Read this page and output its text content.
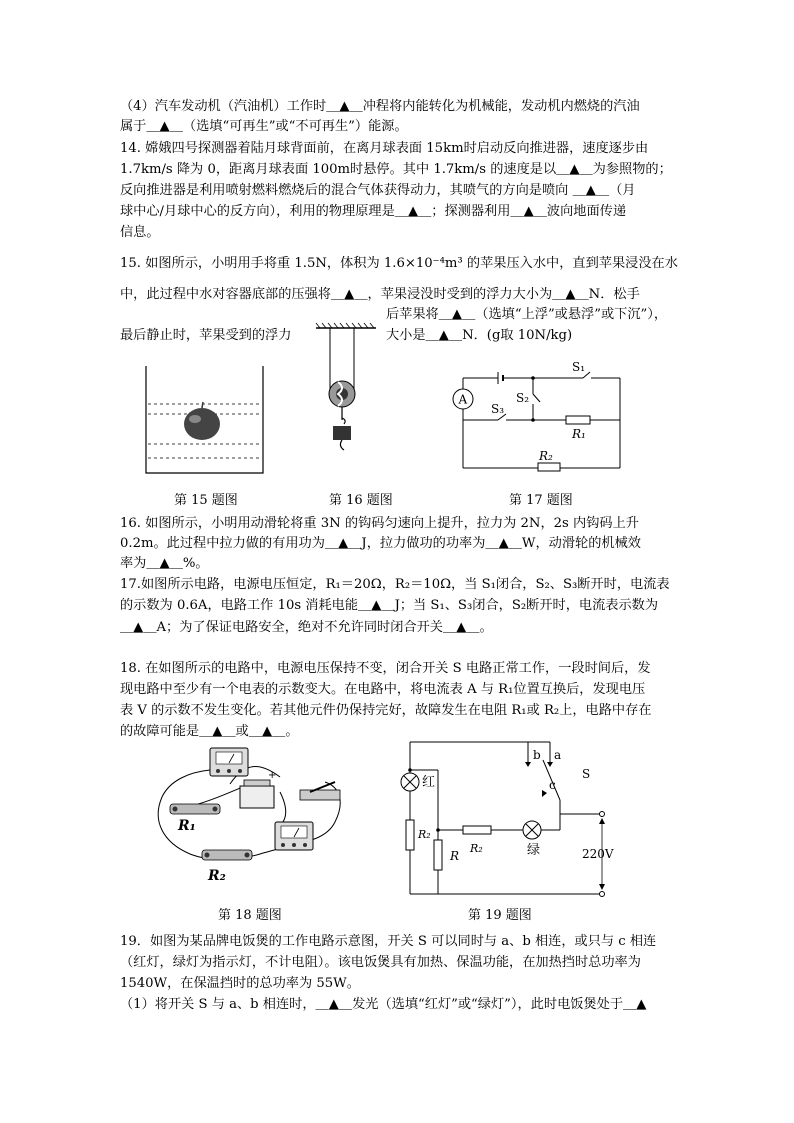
（4）汽车发动机（汽油机）工作时＿▲＿冲程将内能转化为机械能，发动机内燃烧的汽油
属于＿▲＿（选填“可再生”或“不可再生”）能源。
14. 嫦娥四号探测器着陆月球背面前，在离月球表面 15km时启动反向推进器，速度逐步由
1.7km/s 降为 0，距离月球表面 100m时悬停。其中 1.7km/s 的速度是以＿▲＿为参照物的；
反向推进器是利用喷射燃料燃烧后的混合气体获得动力，其喷气的方向是喷向 ＿▲＿（月
球中心/月球中心的反方向），利用的物理原理是＿▲＿；探测器利用＿▲＿波向地面传递
信息。
15. 如图所示，小明用手将重 1.5N，体积为 1.6×10⁻⁴m³ 的苹果压入水中，直到苹果浸没在水
中，此过程中水对容器底部的压强将＿▲＿，苹果浸没时受到的浮力大小为＿▲＿N．松手
后苹果将＿▲＿（选填“上浮”或悬浮”或下沉”），
最后静止时，苹果受到的浮力	大小是＿▲＿N．(g取 10N/kg)
16. 如图所示，小明用动滑轮将重 3N 的钩码匀速向上提升，拉力为 2N，2s 内钩码上升
0.2m。此过程中拉力做的有用功为＿▲＿J，拉力做功的功率为＿▲＿W，动滑轮的机械效
率为＿▲＿%。
17.如图所示电路，电源电压恒定，R₁＝20Ω，R₂＝10Ω，当 S₁闭合，S₂、S₃断开时，电流表
的示数为 0.6A，电路工作 10s 消耗电能＿▲＿J；当 S₁、S₃闭合，S₂断开时，电流表示数为
＿▲＿A；为了保证电路安全，绝对不允许同时闭合开关＿▲＿。
18. 在如图所示的电路中，电源电压保持不变，闭合开关 S 电路正常工作，一段时间后，发
现电路中至少有一个电表的示数变大。在电路中，将电流表 A 与 R₁位置互换后，发现电压
表 V 的示数不发生变化。若其他元件仍保持完好，故障发生在电阻 R₁或 R₂上，电路中存在
的故障可能是＿▲＿或＿▲＿。
19．如图为某品牌电饭煲的工作电路示意图，开关 S 可以同时与 a、b 相连，或只与 c 相连
（红灯，绿灯为指示灯，不计电阻）。该电饭煲具有加热、保温功能，在加热挡时总功率为
1540W，在保温挡时的总功率为 55W。
（1）将开关 S 与 a、b 相连时，＿▲＿发光（选填“红灯”或“绿灯”），此时电饭煲处于＿▲
A
S₁
S₂
S₃
R₁
R₂
第 15 题图	第 16 题图	第 17 题图
+
R₁
R₂
红
绿
R₂
R₂
R
b a
c
S
220V
第 18 题图	第 19 题图
